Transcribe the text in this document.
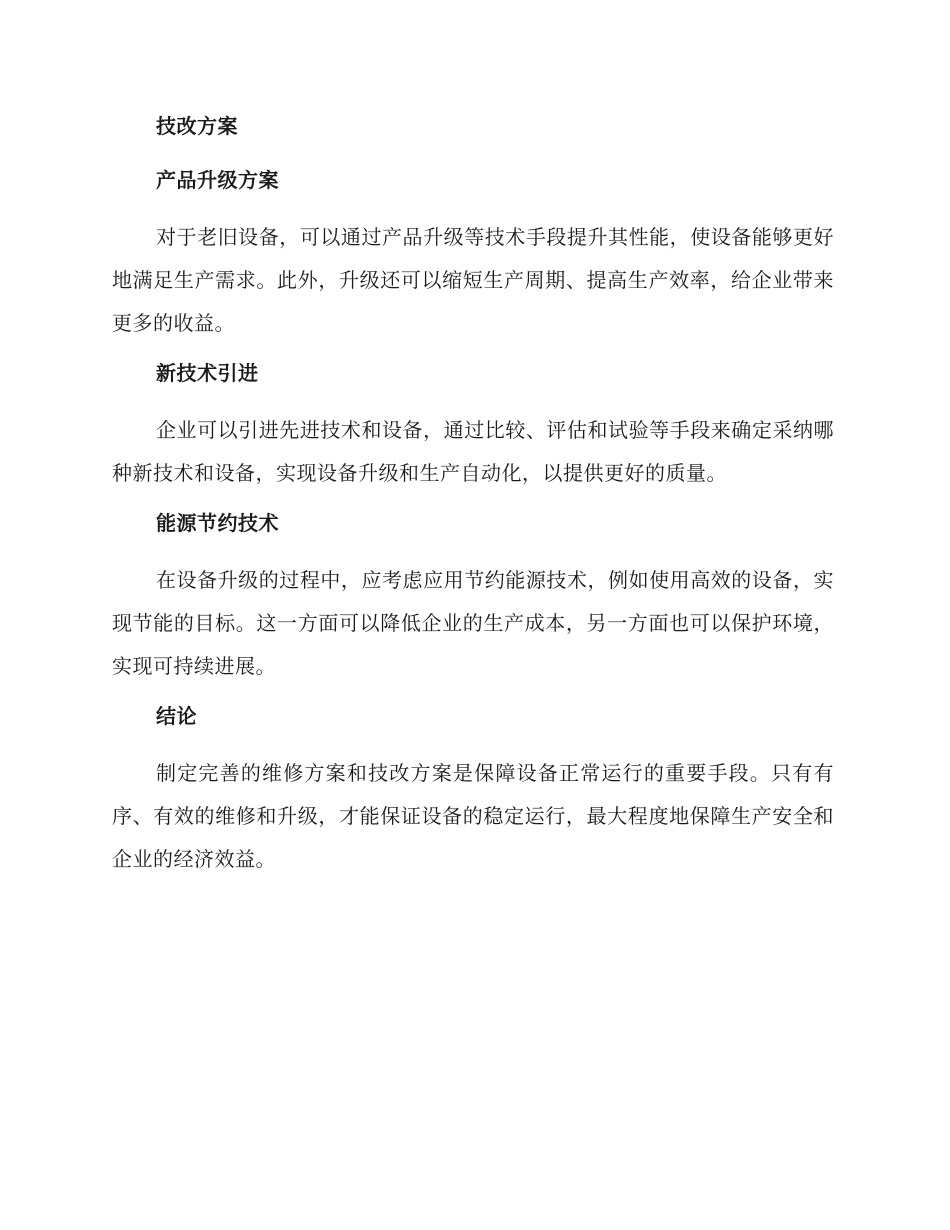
技改方案
产品升级方案

对于老旧设备，可以通过产品升级等技术手段提升其性能，使设备能够更好地满足生产需求。此外，升级还可以缩短生产周期、提高生产效率，给企业带来更多的收益。

新技术引进

企业可以引进先进技术和设备，通过比较、评估和试验等手段来确定采纳哪种新技术和设备，实现设备升级和生产自动化，以提供更好的质量。

能源节约技术

在设备升级的过程中，应考虑应用节约能源技术，例如使用高效的设备，实现节能的目标。这一方面可以降低企业的生产成本，另一方面也可以保护环境，实现可持续进展。

结论

制定完善的维修方案和技改方案是保障设备正常运行的重要手段。只有有序、有效的维修和升级，才能保证设备的稳定运行，最大程度地保障生产安全和企业的经济效益。
